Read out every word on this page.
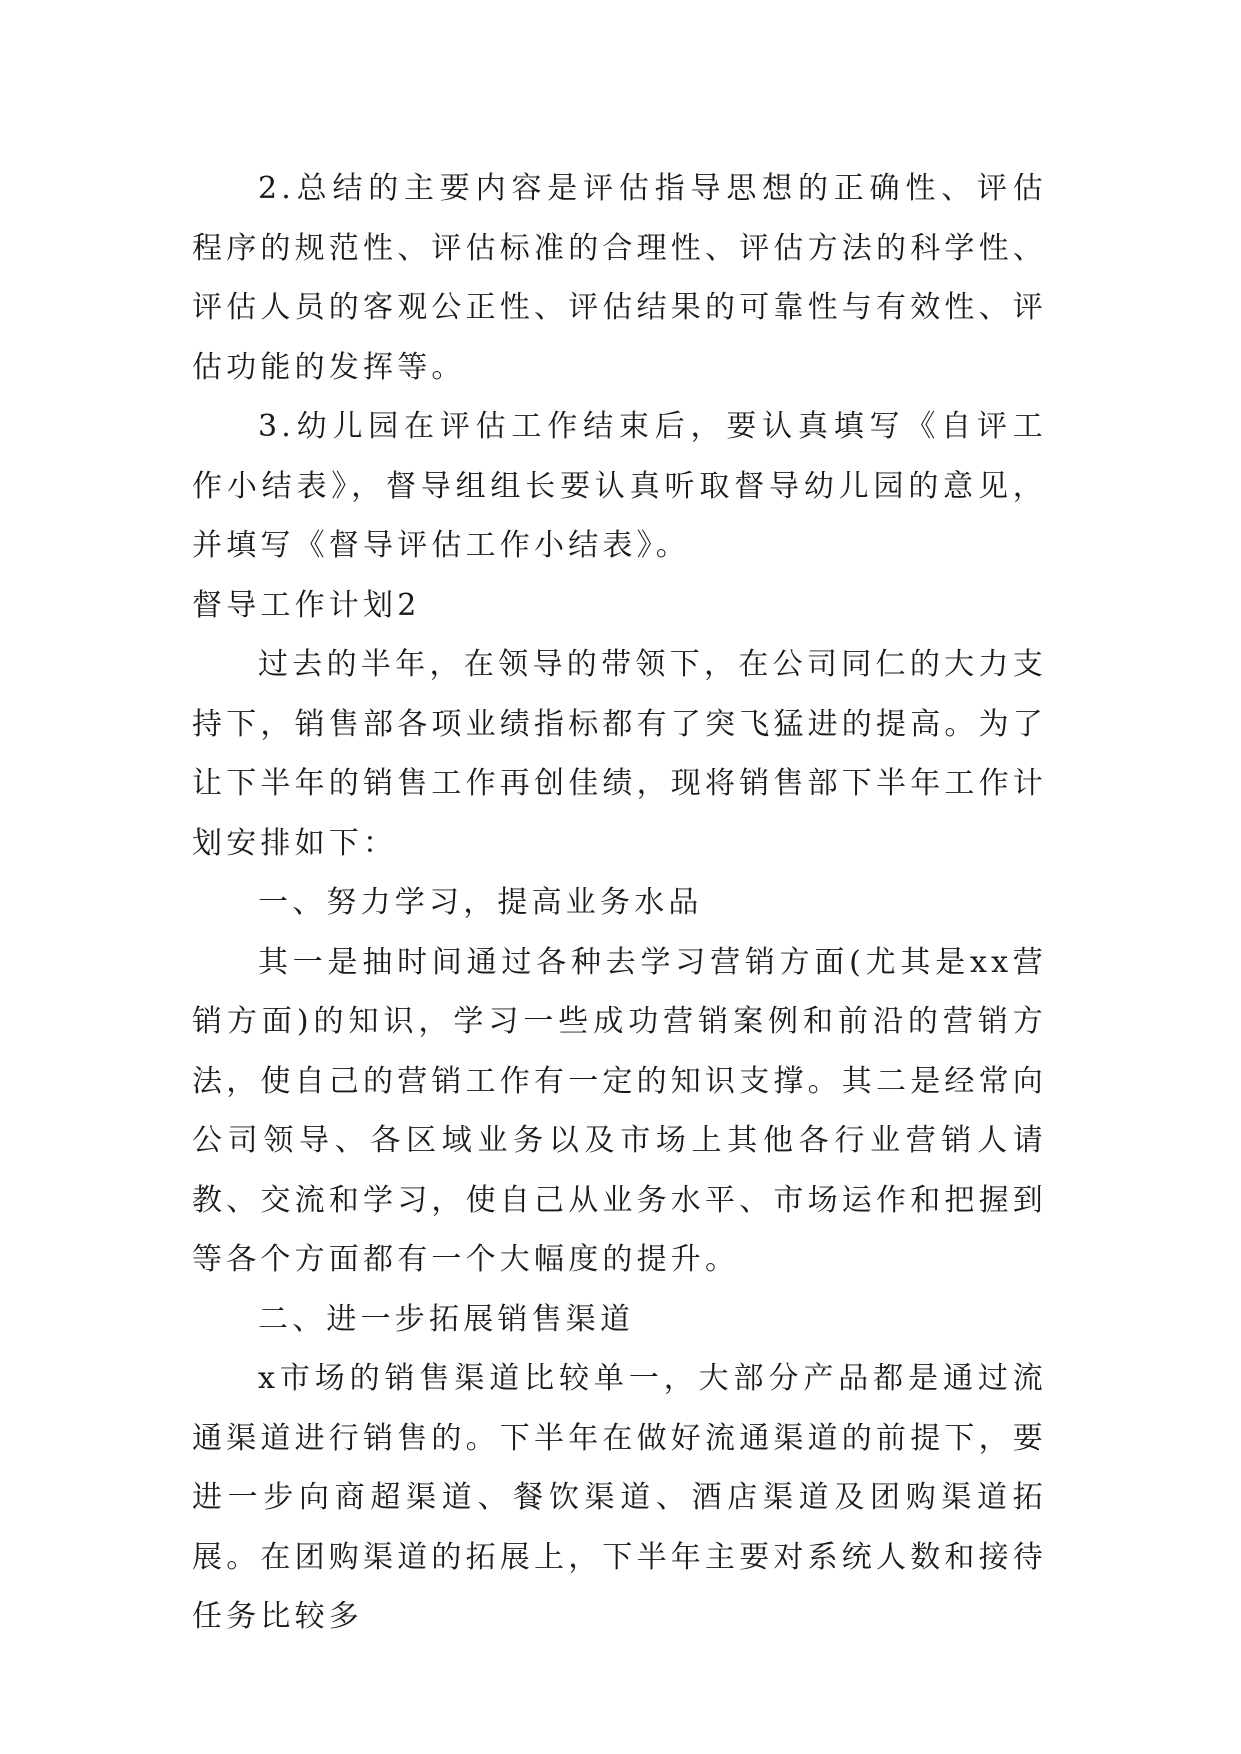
2.总结的主要内容是评估指导思想的正确性、评估程序的规范性、评估标准的合理性、评估方法的科学性、评估人员的客观公正性、评估结果的可靠性与有效性、评估功能的发挥等。

3.幼儿园在评估工作结束后，要认真填写《自评工作小结表》，督导组组长要认真听取督导幼儿园的意见，并填写《督导评估工作小结表》。

督导工作计划2

过去的半年，在领导的带领下，在公司同仁的大力支持下，销售部各项业绩指标都有了突飞猛进的提高。为了让下半年的销售工作再创佳绩，现将销售部下半年工作计划安排如下：

一、努力学习，提高业务水品

其一是抽时间通过各种去学习营销方面(尤其是xx营销方面)的知识，学习一些成功营销案例和前沿的营销方法，使自己的营销工作有一定的知识支撑。其二是经常向公司领导、各区域业务以及市场上其他各行业营销人请教、交流和学习，使自己从业务水平、市场运作和把握到等各个方面都有一个大幅度的提升。

二、进一步拓展销售渠道

x市场的销售渠道比较单一，大部分产品都是通过流通渠道进行销售的。下半年在做好流通渠道的前提下，要进一步向商超渠道、餐饮渠道、酒店渠道及团购渠道拓展。在团购渠道的拓展上，下半年主要对系统人数和接待任务比较多
